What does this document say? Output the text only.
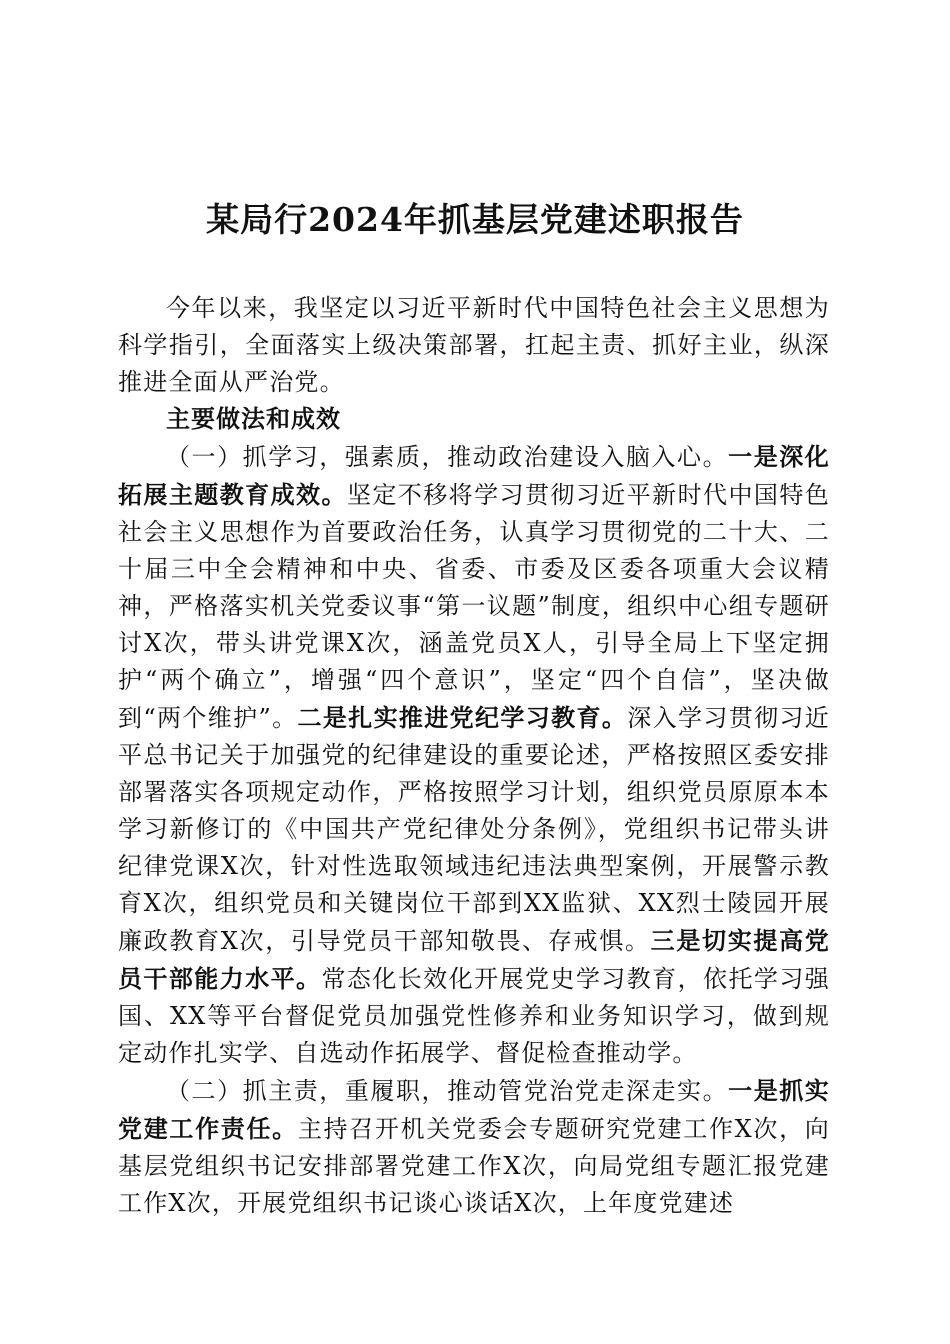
某局行2024年抓基层党建述职报告

今年以来，我坚定以习近平新时代中国特色社会主义思想为科学指引，全面落实上级决策部署，扛起主责、抓好主业，纵深推进全面从严治党。

主要做法和成效

（一）抓学习，强素质，推动政治建设入脑入心。一是深化拓展主题教育成效。坚定不移将学习贯彻习近平新时代中国特色社会主义思想作为首要政治任务，认真学习贯彻党的二十大、二十届三中全会精神和中央、省委、市委及区委各项重大会议精神，严格落实机关党委议事“第一议题”制度，组织中心组专题研讨X次，带头讲党课X次，涵盖党员X人，引导全局上下坚定拥护“两个确立”，增强“四个意识”，坚定“四个自信”，坚决做到“两个维护”。二是扎实推进党纪学习教育。深入学习贯彻习近平总书记关于加强党的纪律建设的重要论述，严格按照区委安排部署落实各项规定动作，严格按照学习计划，组织党员原原本本学习新修订的《中国共产党纪律处分条例》，党组织书记带头讲纪律党课X次，针对性选取领域违纪违法典型案例，开展警示教育X次，组织党员和关键岗位干部到XX监狱、XX烈士陵园开展廉政教育X次，引导党员干部知敬畏、存戒惧。三是切实提高党员干部能力水平。常态化长效化开展党史学习教育，依托学习强国、XX等平台督促党员加强党性修养和业务知识学习，做到规定动作扎实学、自选动作拓展学、督促检查推动学。

（二）抓主责，重履职，推动管党治党走深走实。一是抓实党建工作责任。主持召开机关党委会专题研究党建工作X次，向基层党组织书记安排部署党建工作X次，向局党组专题汇报党建工作X次，开展党组织书记谈心谈话X次，上年度党建述
